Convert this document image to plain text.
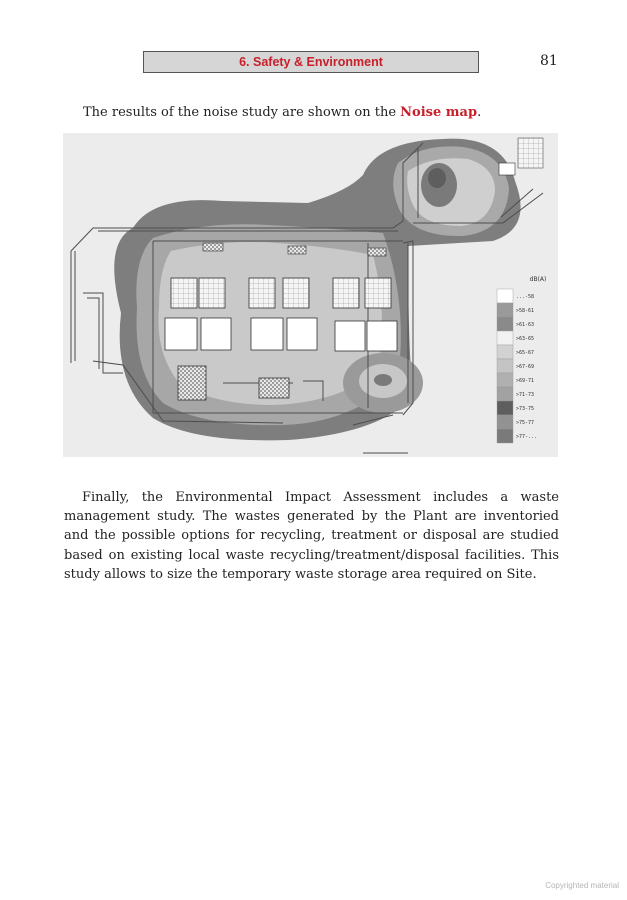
6. Safety & Environment	81

The results of the noise study are shown on the Noise map.

dB(A)
...-58
>58-61
>61-63
>63-65
>65-67
>67-69
>69-71
>71-73
>73-75
>75-77
>77-...

Finally, the Environmental Impact Assessment includes a waste management study. The wastes generated by the Plant are inventoried and the possible options for recycling, treatment or disposal are studied based on existing local waste recycling/treatment/disposal facilities. This study allows to size the temporary waste storage area required on Site.

Copyrighted material
